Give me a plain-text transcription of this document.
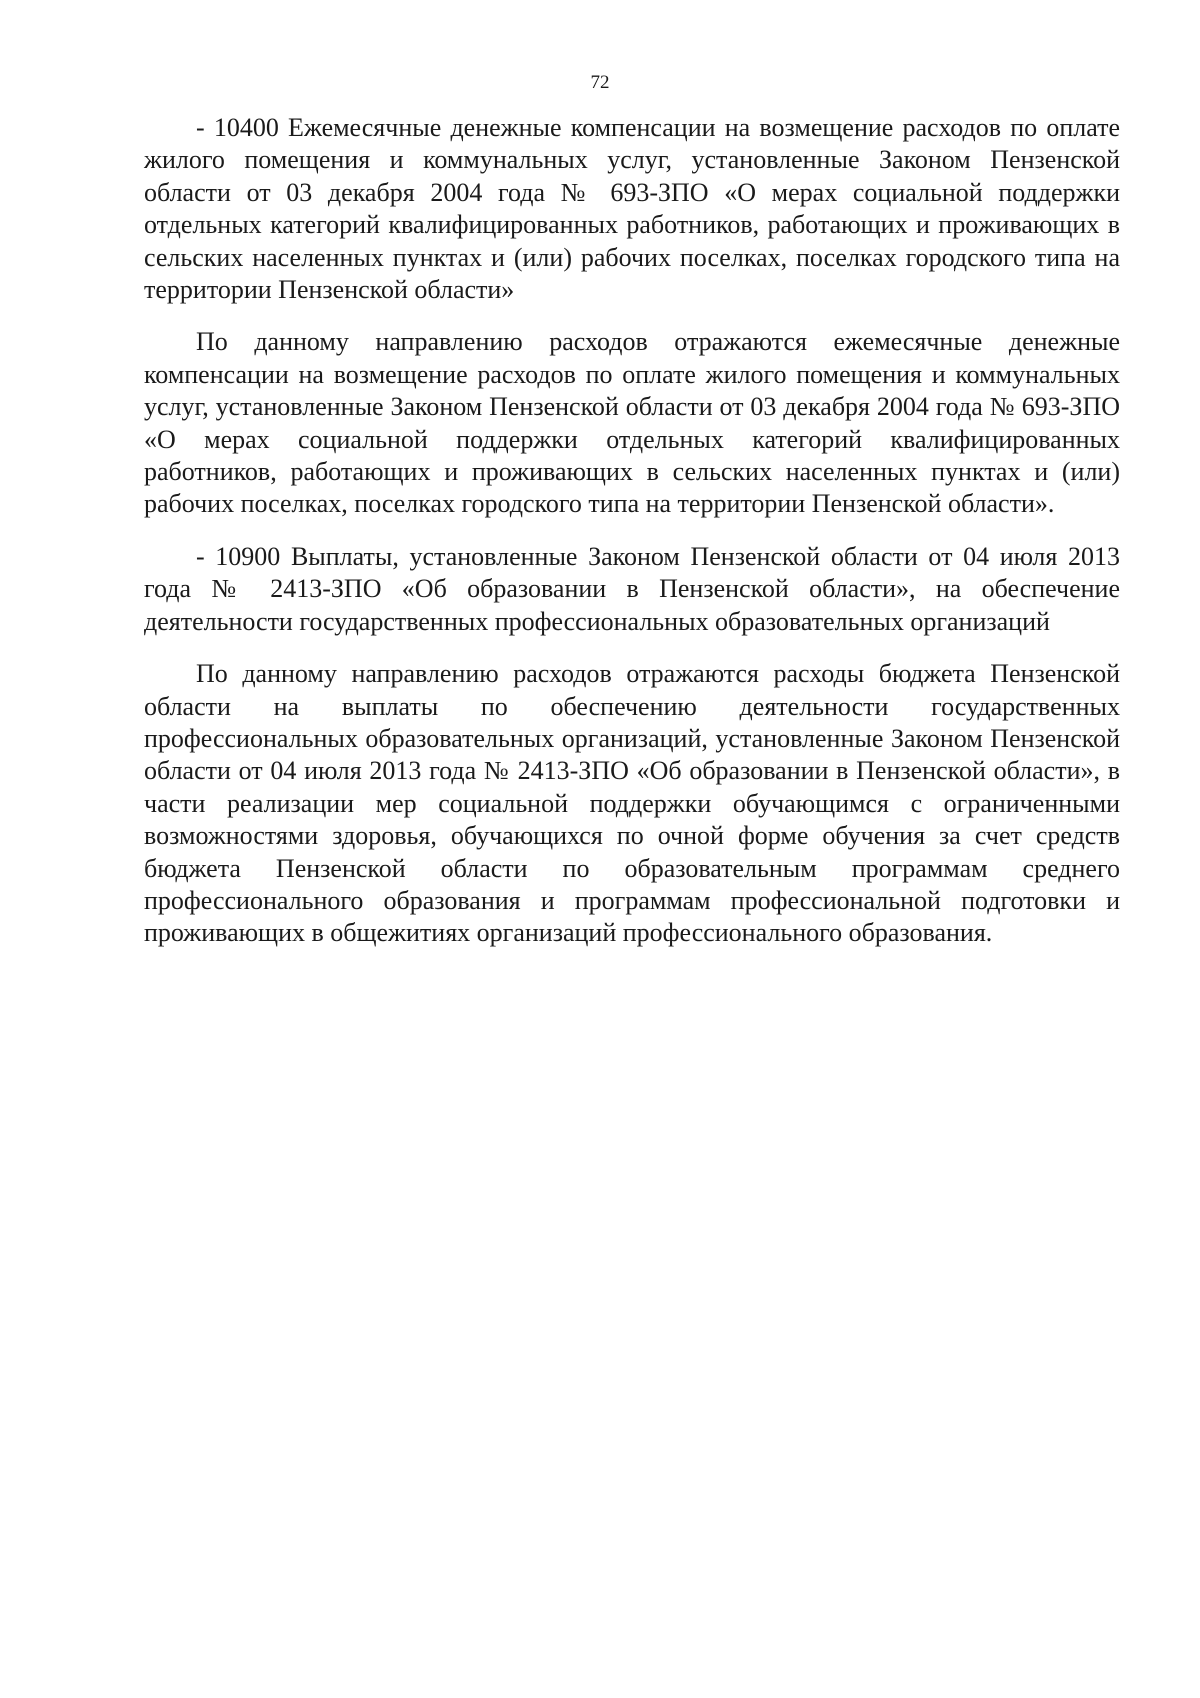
72

- 10400 Ежемесячные денежные компенсации на возмещение расходов по оплате жилого помещения и коммунальных услуг, установленные Законом Пензенской области от 03 декабря 2004 года № 693-ЗПО «О мерах социальной поддержки отдельных категорий квалифицированных работников, работающих и проживающих в сельских населенных пунктах и (или) рабочих поселках, поселках городского типа на территории Пензенской области»

По данному направлению расходов отражаются ежемесячные денежные компенсации на возмещение расходов по оплате жилого помещения и коммунальных услуг, установленные Законом Пензенской области от 03 декабря 2004 года № 693-ЗПО «О мерах социальной поддержки отдельных категорий квалифицированных работников, работающих и проживающих в сельских населенных пунктах и (или) рабочих поселках, поселках городского типа на территории Пензенской области».

- 10900 Выплаты, установленные Законом Пензенской области от 04 июля 2013 года № 2413-ЗПО «Об образовании в Пензенской области», на обеспечение деятельности государственных профессиональных образовательных организаций

По данному направлению расходов отражаются расходы бюджета Пензенской области на выплаты по обеспечению деятельности государственных профессиональных образовательных организаций, установленные Законом Пензенской области от 04 июля 2013 года № 2413-ЗПО «Об образовании в Пензенской области», в части реализации мер социальной поддержки обучающимся с ограниченными возможностями здоровья, обучающихся по очной форме обучения за счет средств бюджета Пензенской области по образовательным программам среднего профессионального образования и программам профессиональной подготовки и проживающих в общежитиях организаций профессионального образования.
